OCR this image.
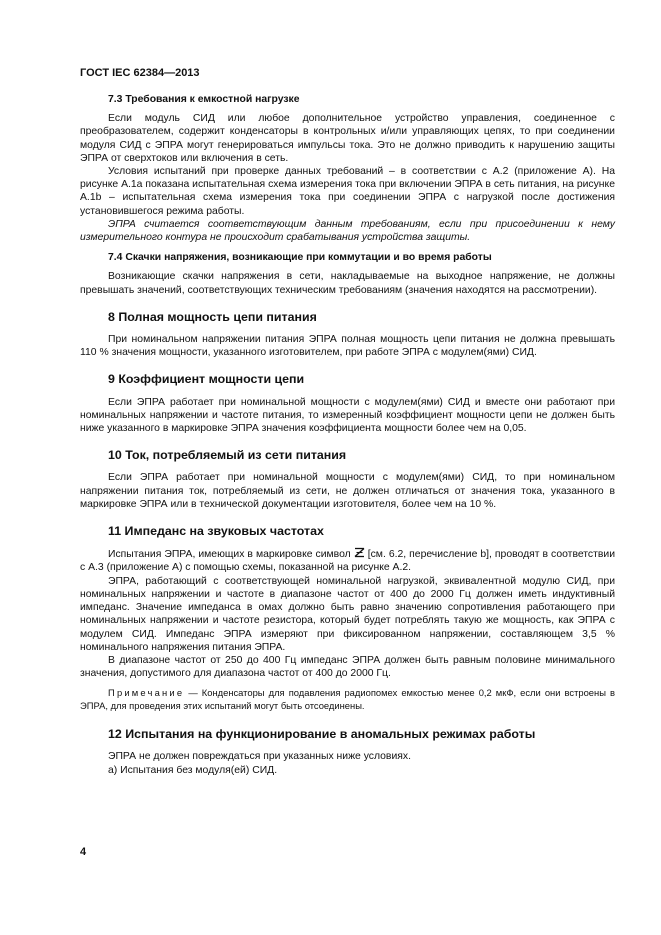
ГОСТ IEC 62384—2013
7.3 Требования к емкостной нагрузке

Если модуль СИД или любое дополнительное устройство управления, соединенное с преобразователем, содержит конденсаторы в контрольных и/или управляющих цепях, то при соединении модуля СИД с ЭПРА могут генерироваться импульсы тока. Это не должно приводить к нарушению защиты ЭПРА от сверхтоков или включения в сеть.

Условия испытаний при проверке данных требований – в соответствии с А.2 (приложение А). На рисунке А.1а показана испытательная схема измерения тока при включении ЭПРА в сеть питания, на рисунке А.1b – испытательная схема измерения тока при соединении ЭПРА с нагрузкой после достижения установившегося режима работы.

ЭПРА считается соответствующим данным требованиям, если при присоединении к нему измерительного контура не происходит срабатывания устройства защиты.

7.4 Скачки напряжения, возникающие при коммутации и во время работы

Возникающие скачки напряжения в сети, накладываемые на выходное напряжение, не должны превышать значений, соответствующих техническим требованиям (значения находятся на рассмотрении).

8 Полная мощность цепи питания

При номинальном напряжении питания ЭПРА полная мощность цепи питания не должна превышать 110 % значения мощности, указанного изготовителем, при работе ЭПРА с модулем(ями) СИД.

9 Коэффициент мощности цепи

Если ЭПРА работает при номинальной мощности с модулем(ями) СИД и вместе они работают при номинальных напряжении и частоте питания, то измеренный коэффициент мощности цепи не должен быть ниже указанного в маркировке ЭПРА значения коэффициента мощности более чем на 0,05.

10 Ток, потребляемый из сети питания

Если ЭПРА работает при номинальной мощности с модулем(ями) СИД, то при номинальном напряжении питания ток, потребляемый из сети, не должен отличаться от значения тока, указанного в маркировке ЭПРА или в технической документации изготовителя, более чем на 10 %.

11 Импеданс на звуковых частотах

Испытания ЭПРА, имеющих в маркировке символ [см. 6.2, перечисление b], проводят в соответствии с А.3 (приложение А) с помощью схемы, показанной на рисунке А.2.

ЭПРА, работающий с соответствующей номинальной нагрузкой, эквивалентной модулю СИД, при номинальных напряжении и частоте в диапазоне частот от 400 до 2000 Гц должен иметь индуктивный импеданс. Значение импеданса в омах должно быть равно значению сопротивления работающего при номинальных напряжении и частоте резистора, который будет потреблять такую же мощность, как ЭПРА с модулем СИД. Импеданс ЭПРА измеряют при фиксированном напряжении, составляющем 3,5 % номинального напряжения питания ЭПРА.

В диапазоне частот от 250 до 400 Гц импеданс ЭПРА должен быть равным половине минимального значения, допустимого для диапазона частот от 400 до 2000 Гц.

Примечание — Конденсаторы для подавления радиопомех емкостью менее 0,2 мкФ, если они встроены в ЭПРА, для проведения этих испытаний могут быть отсоединены.

12 Испытания на функционирование в аномальных режимах работы

ЭПРА не должен повреждаться при указанных ниже условиях.

а) Испытания без модуля(ей) СИД.

4
